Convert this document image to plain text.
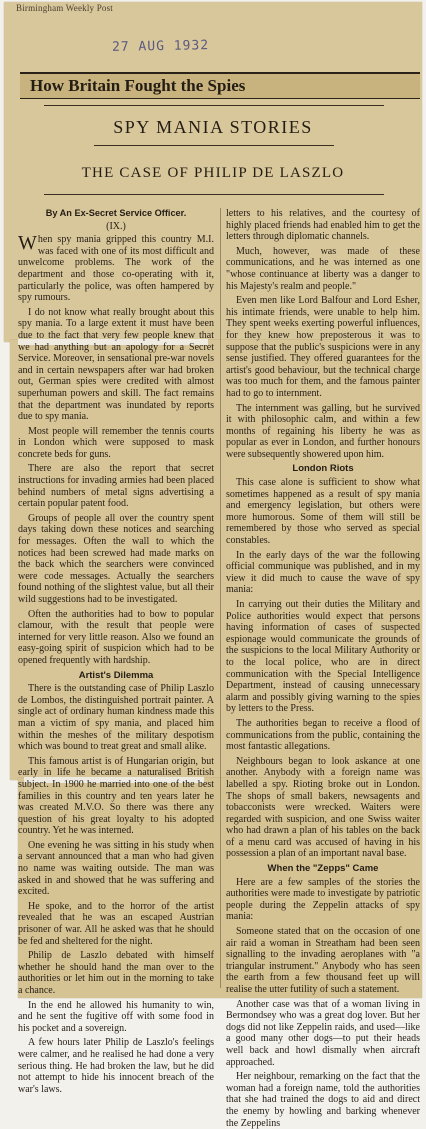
Birmingham Weekly Post
27 AUG 1932
How Britain Fought the Spies
SPY MANIA STORIES
THE CASE OF PHILIP DE LASZLO

By An Ex-Secret Service Officer.

(IX.)

When spy mania gripped this country M.I. was faced with one of its most difficult and unwelcome problems. The work of the department and those co-operating with it, particularly the police, was often hampered by spy rumours.

I do not know what really brought about this spy mania. To a large extent it must have been due to the fact that very few people knew that we had anything but an apology for a Secret Service. Moreover, in sensational pre-war novels and in certain newspapers after war had broken out, German spies were credited with almost superhuman powers and skill. The fact remains that the department was inundated by reports due to spy mania.

Most people will remember the tennis courts in London which were supposed to mask concrete beds for guns.

There are also the report that secret instructions for invading armies had been placed behind numbers of metal signs advertising a certain popular patent food.

Groups of people all over the country spent days taking down these notices and searching for messages. Often the wall to which the notices had been screwed had made marks on the back which the searchers were convinced were code messages. Actually the searchers found nothing of the slightest value, but all their wild suggestions had to be investigated.

Often the authorities had to bow to popular clamour, with the result that people were interned for very little reason. Also we found an easy-going spirit of suspicion which had to be opened frequently with hardship.

Artist's Dilemma

There is the outstanding case of Philip Laszlo de Lombos, the distinguished portrait painter. A single act of ordinary human kindness made this man a victim of spy mania, and placed him within the meshes of the military despotism which was bound to treat great and small alike.

This famous artist is of Hungarian origin, but early in life he became a naturalised British subject. In 1900 he married into one of the best families in this country and ten years later he was created M.V.O. So there was there any question of his great loyalty to his adopted country. Yet he was interned.

One evening he was sitting in his study when a servant announced that a man who had given no name was waiting outside. The man was asked in and showed that he was suffering and excited.

He spoke, and to the horror of the artist revealed that he was an escaped Austrian prisoner of war. All he asked was that he should be fed and sheltered for the night.

Philip de Laszlo debated with himself whether he should hand the man over to the authorities or let him out in the morning to take a chance.

In the end he allowed his humanity to win, and he sent the fugitive off with some food in his pocket and a sovereign.

A few hours later Philip de Laszlo's feelings were calmer, and he realised he had done a very serious thing. He had broken the law, but he did not attempt to hide his innocent breach of the war's laws.

letters to his relatives, and the courtesy of highly placed friends had enabled him to get the letters through diplomatic channels.

Much, however, was made of these communications, and he was interned as one "whose continuance at liberty was a danger to his Majesty's realm and people."

Even men like Lord Balfour and Lord Esher, his intimate friends, were unable to help him. They spent weeks exerting powerful influences, for they knew how preposterous it was to suppose that the public's suspicions were in any sense justified. They offered guarantees for the artist's good behaviour, but the technical charge was too much for them, and the famous painter had to go to internment.

The internment was galling, but he survived it with philosophic calm, and within a few months of regaining his liberty he was as popular as ever in London, and further honours were subsequently showered upon him.

London Riots

This case alone is sufficient to show what sometimes happened as a result of spy mania and emergency legislation, but others were more humorous. Some of them will still be remembered by those who served as special constables.

In the early days of the war the following official communique was published, and in my view it did much to cause the wave of spy mania:

In carrying out their duties the Military and Police authorities would expect that persons having information of cases of suspected espionage would communicate the grounds of the suspicions to the local Military Authority or to the local police, who are in direct communication with the Special Intelligence Department, instead of causing unnecessary alarm and possibly giving warning to the spies by letters to the Press.

The authorities began to receive a flood of communications from the public, containing the most fantastic allegations.

Neighbours began to look askance at one another. Anybody with a foreign name was labelled a spy. Rioting broke out in London. The shops of small bakers, newsagents and tobacconists were wrecked. Waiters were regarded with suspicion, and one Swiss waiter who had drawn a plan of his tables on the back of a menu card was accused of having in his possession a plan of an important naval base.

When the "Zepps" Came

Here are a few samples of the stories the authorities were made to investigate by patriotic people during the Zeppelin attacks of spy mania:

Someone stated that on the occasion of one air raid a woman in Streatham had been seen signalling to the invading aeroplanes with "a triangular instrument." Anybody who has seen the earth from a few thousand feet up will realise the utter futility of such a statement.

Another case was that of a woman living in Bermondsey who was a great dog lover. But her dogs did not like Zeppelin raids, and used—like a good many other dogs—to put their heads well back and howl dismally when aircraft approached.

Her neighbour, remarking on the fact that the woman had a foreign name, told the authorities that she had trained the dogs to aid and direct the enemy by howling and barking whenever the Zeppelins
